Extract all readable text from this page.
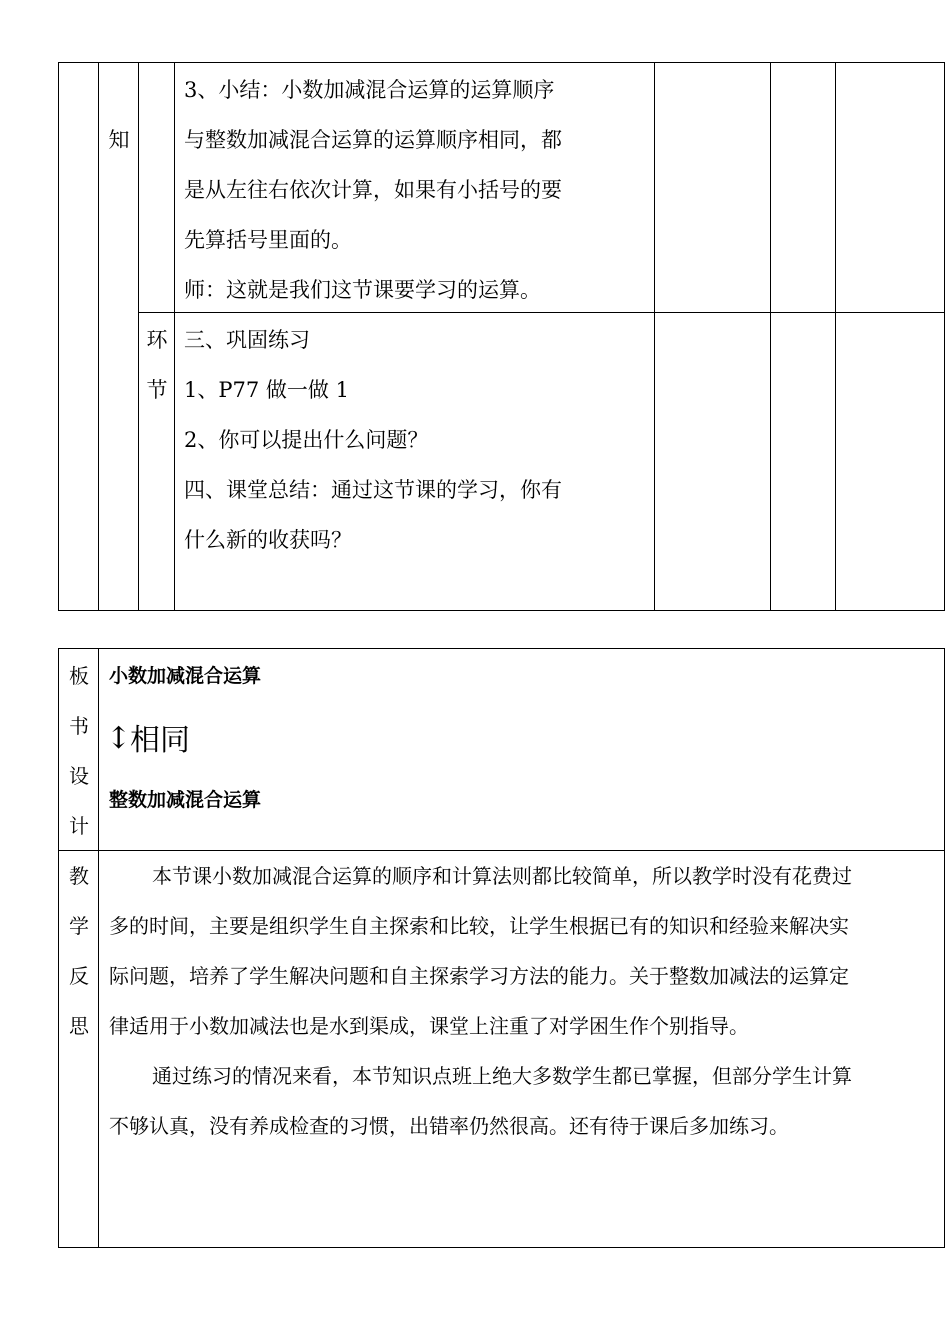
知
环
节
3、小结：小数加减混合运算的运算顺序
与整数加减混合运算的运算顺序相同，都
是从左往右依次计算，如果有小括号的要
先算括号里面的。
师：这就是我们这节课要学习的运算。
三、巩固练习
1、P77 做一做 1
2、你可以提出什么问题？
四、课堂总结：通过这节课的学习，你有
什么新的收获吗？
板
书
设
计
小数加减混合运算
↕
相同
整数加减混合运算
教
学
反
思
本节课小数加减混合运算的顺序和计算法则都比较简单，所以教学时没有花费过
多的时间，主要是组织学生自主探索和比较，让学生根据已有的知识和经验来解决实
际问题，培养了学生解决问题和自主探索学习方法的能力。关于整数加减法的运算定
律适用于小数加减法也是水到渠成，课堂上注重了对学困生作个别指导。
通过练习的情况来看，本节知识点班上绝大多数学生都已掌握，但部分学生计算
不够认真，没有养成检查的习惯，出错率仍然很高。还有待于课后多加练习。
